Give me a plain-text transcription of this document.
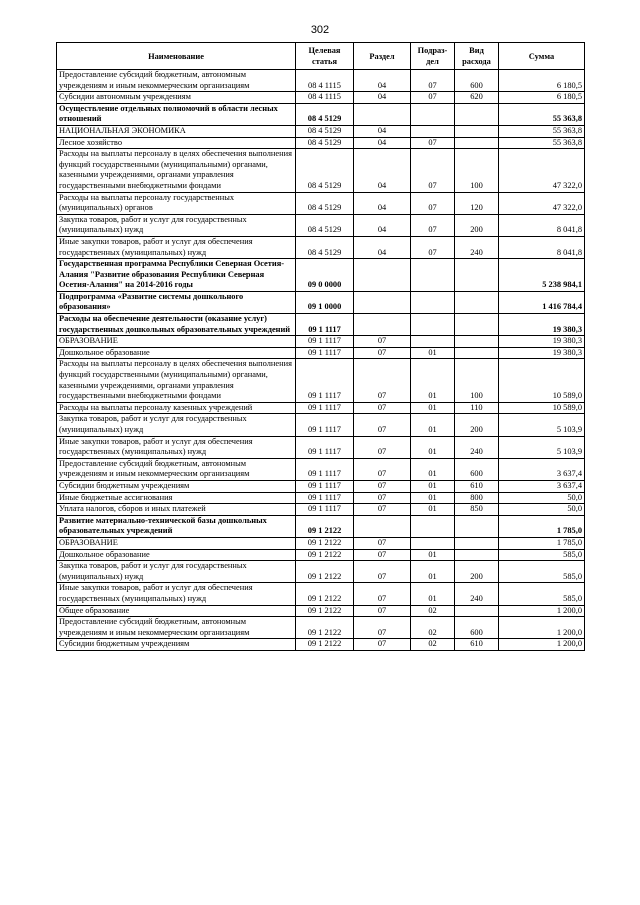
302
Наименование	Целевая статья	Раздел	Подраз- дел	Вид расхода	Сумма
Предоставление субсидий бюджетным, автономным учреждениям и иным некоммерческим организациям	08 4 1115	04	07	600	6 180,5
Субсидии автономным учреждениям	08 4 1115	04	07	620	6 180,5
Осуществление отдельных полномочий в области лесных отношений	08 4 5129				55 363,8
НАЦИОНАЛЬНАЯ ЭКОНОМИКА	08 4 5129	04			55 363,8
Лесное хозяйство	08 4 5129	04	07		55 363,8
Расходы на выплаты персоналу в целях обеспечения выполнения функций государственными (муниципальными) органами, казенными учреждениями, органами управления государственными внебюджетными фондами	08 4 5129	04	07	100	47 322,0
Расходы на выплаты персоналу государственных (муниципальных) органов	08 4 5129	04	07	120	47 322,0
Закупка товаров, работ и услуг для государственных (муниципальных) нужд	08 4 5129	04	07	200	8 041,8
Иные закупки товаров, работ и услуг для обеспечения государственных (муниципальных) нужд	08 4 5129	04	07	240	8 041,8
Государственная программа Республики Северная Осетия-Алания "Развитие образования Республики Северная Осетия-Алания" на 2014-2016 годы	09 0 0000				5 238 984,1
Подпрограмма «Развитие системы дошкольного образования»	09 1 0000				1 416 784,4
Расходы на обеспечение деятельности (оказание услуг) государственных дошкольных образовательных учреждений	09 1 1117				19 380,3
ОБРАЗОВАНИЕ	09 1 1117	07			19 380,3
Дошкольное образование	09 1 1117	07	01		19 380,3
Расходы на выплаты персоналу в целях обеспечения выполнения функций государственными (муниципальными) органами, казенными учреждениями, органами управления государственными внебюджетными фондами	09 1 1117	07	01	100	10 589,0
Расходы на выплаты персоналу казенных учреждений	09 1 1117	07	01	110	10 589,0
Закупка товаров, работ и услуг для государственных (муниципальных) нужд	09 1 1117	07	01	200	5 103,9
Иные закупки товаров, работ и услуг для обеспечения государственных (муниципальных) нужд	09 1 1117	07	01	240	5 103,9
Предоставление субсидий бюджетным, автономным учреждениям и иным некоммерческим организациям	09 1 1117	07	01	600	3 637,4
Субсидии бюджетным учреждениям	09 1 1117	07	01	610	3 637,4
Иные бюджетные ассигнования	09 1 1117	07	01	800	50,0
Уплата налогов, сборов и иных платежей	09 1 1117	07	01	850	50,0
Развитие материально-технической базы дошкольных образовательных учреждений	09 1 2122				1 785,0
ОБРАЗОВАНИЕ	09 1 2122	07			1 785,0
Дошкольное образование	09 1 2122	07	01		585,0
Закупка товаров, работ и услуг для государственных (муниципальных) нужд	09 1 2122	07	01	200	585,0
Иные закупки товаров, работ и услуг для обеспечения государственных (муниципальных) нужд	09 1 2122	07	01	240	585,0
Общее образование	09 1 2122	07	02		1 200,0
Предоставление субсидий бюджетным, автономным учреждениям и иным некоммерческим организациям	09 1 2122	07	02	600	1 200,0
Субсидии бюджетным учреждениям	09 1 2122	07	02	610	1 200,0
